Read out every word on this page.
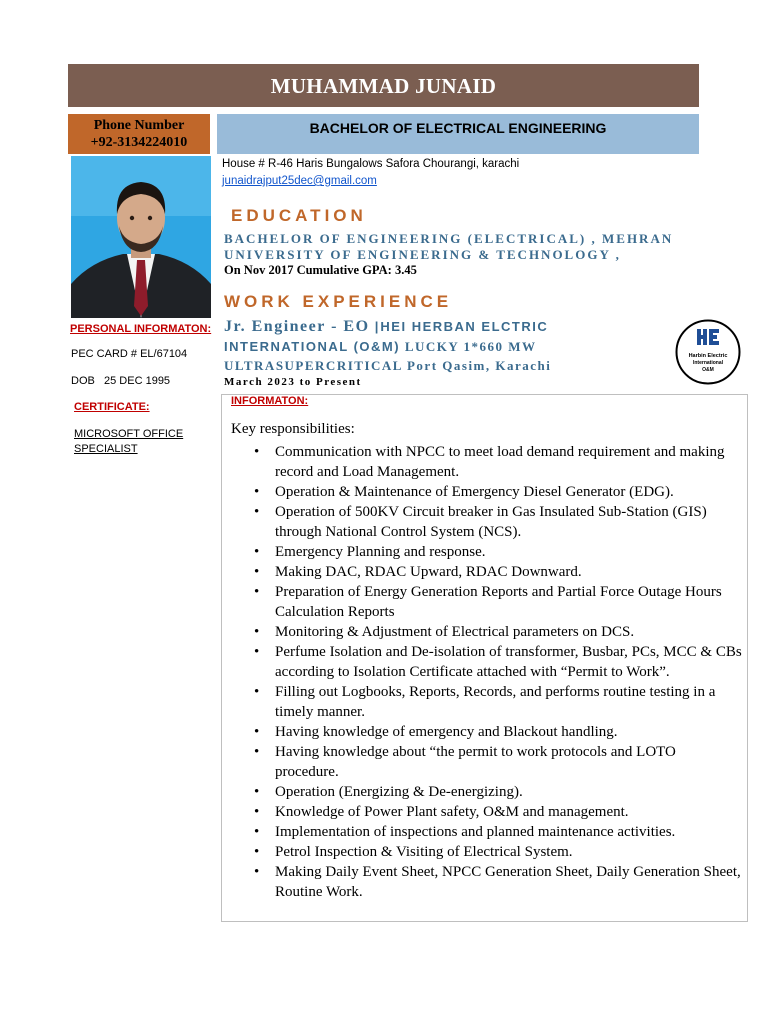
MUHAMMAD JUNAID
Phone Number
+92-3134224010
BACHELOR OF ELECTRICAL ENGINEERING
House # R-46 Haris Bungalows Safora Chourangi, karachi
junaidrajput25dec@gmail.com
EDUCATION
BACHELOR OF ENGINEERING (ELECTRICAL) , MEHRAN
UNIVERSITY OF ENGINEERING & TECHNOLOGY ,
On Nov 2017 Cumulative GPA: 3.45
WORK EXPERIENCE
Jr. Engineer - EO |HEI HERBAN ELCTRIC
INTERNATIONAL (O&M) LUCKY 1*660 MW
ULTRASUPERCRITICAL Port Qasim, Karachi
March 2023 to Present
Harbin Electric
International
O&M
PERSONAL INFORMATON:
PEC CARD # EL/67104
DOB   25 DEC 1995
CERTIFICATE:
MICROSOFT OFFICE SPECIALIST
INFORMATON:
Key responsibilities:
• Communication with NPCC to meet load demand requirement and making record and Load Management.
• Operation & Maintenance of Emergency Diesel Generator (EDG).
• Operation of 500KV Circuit breaker in Gas Insulated Sub-Station (GIS) through National Control System (NCS).
• Emergency Planning and response.
• Making DAC, RDAC Upward, RDAC Downward.
• Preparation of Energy Generation Reports and Partial Force Outage Hours Calculation Reports
• Monitoring & Adjustment of Electrical parameters on DCS.
• Perfume Isolation and De-isolation of transformer, Busbar, PCs, MCC & CBs according to Isolation Certificate attached with “Permit to Work”.
• Filling out Logbooks, Reports, Records, and performs routine testing in a timely manner.
• Having knowledge of emergency and Blackout handling.
• Having knowledge about “the permit to work protocols and LOTO procedure.
• Operation (Energizing & De-energizing).
• Knowledge of Power Plant safety, O&M and management.
• Implementation of inspections and planned maintenance activities.
• Petrol Inspection & Visiting of Electrical System.
• Making Daily Event Sheet, NPCC Generation Sheet, Daily Generation Sheet, Routine Work.
